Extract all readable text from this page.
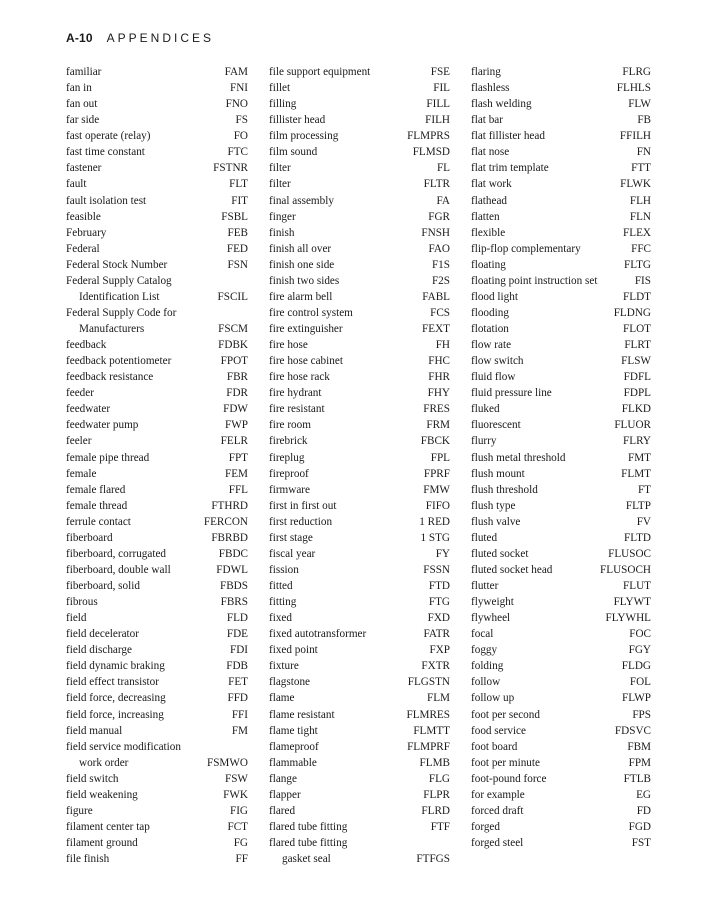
A-10 APPENDICES
familiar	FAM
fan in	FNI
fan out	FNO
far side	FS
fast operate (relay)	FO
fast time constant	FTC
fastener	FSTNR
fault	FLT
fault isolation test	FIT
feasible	FSBL
February	FEB
Federal	FED
Federal Stock Number	FSN
Federal Supply Catalog
Identification List	FSCIL
Federal Supply Code for
Manufacturers	FSCM
feedback	FDBK
feedback potentiometer	FPOT
feedback resistance	FBR
feeder	FDR
feedwater	FDW
feedwater pump	FWP
feeler	FELR
female pipe thread	FPT
female	FEM
female flared	FFL
female thread	FTHRD
ferrule contact	FERCON
fiberboard	FBRBD
fiberboard, corrugated	FBDC
fiberboard, double wall	FDWL
fiberboard, solid	FBDS
fibrous	FBRS
field	FLD
field decelerator	FDE
field discharge	FDI
field dynamic braking	FDB
field effect transistor	FET
field force, decreasing	FFD
field force, increasing	FFI
field manual	FM
field service modification
work order	FSMWO
field switch	FSW
field weakening	FWK
figure	FIG
filament center tap	FCT
filament ground	FG
file finish	FF
file support equipment	FSE
fillet	FIL
filling	FILL
fillister head	FILH
film processing	FLMPRS
film sound	FLMSD
filter	FL
filter	FLTR
final assembly	FA
finger	FGR
finish	FNSH
finish all over	FAO
finish one side	F1S
finish two sides	F2S
fire alarm bell	FABL
fire control system	FCS
fire extinguisher	FEXT
fire hose	FH
fire hose cabinet	FHC
fire hose rack	FHR
fire hydrant	FHY
fire resistant	FRES
fire room	FRM
firebrick	FBCK
fireplug	FPL
fireproof	FPRF
firmware	FMW
first in first out	FIFO
first reduction	1 RED
first stage	1 STG
fiscal year	FY
fission	FSSN
fitted	FTD
fitting	FTG
fixed	FXD
fixed autotransformer	FATR
fixed point	FXP
fixture	FXTR
flagstone	FLGSTN
flame	FLM
flame resistant	FLMRES
flame tight	FLMTT
flameproof	FLMPRF
flammable	FLMB
flange	FLG
flapper	FLPR
flared	FLRD
flared tube fitting	FTF
flared tube fitting
gasket seal	FTFGS
flaring	FLRG
flashless	FLHLS
flash welding	FLW
flat bar	FB
flat fillister head	FFILH
flat nose	FN
flat trim template	FTT
flat work	FLWK
flathead	FLH
flatten	FLN
flexible	FLEX
flip-flop complementary	FFC
floating	FLTG
floating point instruction set	FIS
flood light	FLDT
flooding	FLDNG
flotation	FLOT
flow rate	FLRT
flow switch	FLSW
fluid flow	FDFL
fluid pressure line	FDPL
fluked	FLKD
fluorescent	FLUOR
flurry	FLRY
flush metal threshold	FMT
flush mount	FLMT
flush threshold	FT
flush type	FLTP
flush valve	FV
fluted	FLTD
fluted socket	FLUSOC
fluted socket head	FLUSOCH
flutter	FLUT
flyweight	FLYWT
flywheel	FLYWHL
focal	FOC
foggy	FGY
folding	FLDG
follow	FOL
follow up	FLWP
foot per second	FPS
food service	FDSVC
foot board	FBM
foot per minute	FPM
foot-pound force	FTLB
for example	EG
forced draft	FD
forged	FGD
forged steel	FST
